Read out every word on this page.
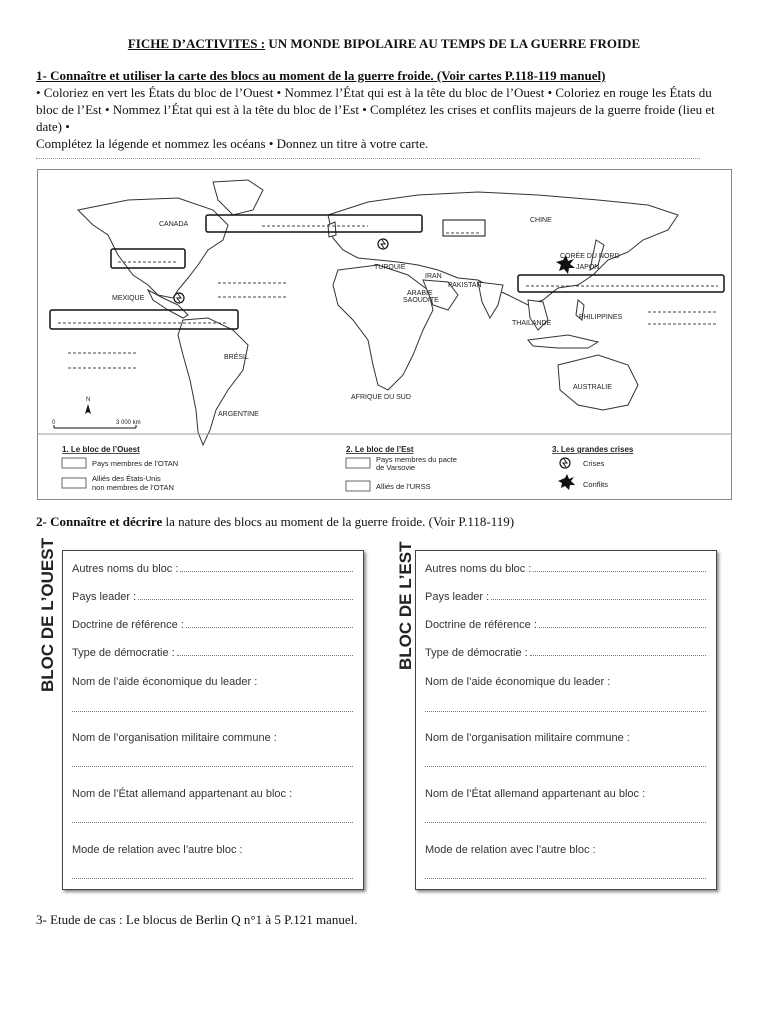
FICHE D’ACTIVITES : UN MONDE BIPOLAIRE AU TEMPS DE LA GUERRE FROIDE
1- Connaître et utiliser la carte des blocs au moment de la guerre froide. (Voir cartes P.118-119 manuel)
• Coloriez en vert les États du bloc de l’Ouest • Nommez l’État qui est à la tête du bloc de l’Ouest • Coloriez en rouge les États du bloc de l’Est • Nommez l’État qui est à la tête du bloc de l’Est • Complétez les crises et conflits majeurs de la guerre froide (lieu et date) •
Complétez la légende et nommez les océans • Donnez un titre à votre carte.
CANADA
CHINE
CORÉE DU NORD
JAPON
TURQUIE
IRAN
PAKISTAN
ARABIE
SAOUDITE
MEXIQUE
THAILANDE
PHILIPPINES
BRÉSIL
AFRIQUE DU SUD
AUSTRALIE
ARGENTINE
N
0	3 000 km
1. Le bloc de l’Ouest
Pays membres de l’OTAN
Alliés des États-Unis
non membres de l’OTAN
2. Le bloc de l’Est
Pays membres du pacte
de Varsovie
Alliés de l’URSS
3. Les grandes crises
Crises
Conflits
2- Connaître et décrire la nature des blocs au moment de la guerre froide. (Voir P.118-119)
BLOC DE L’OUEST	BLOC DE L’EST
Autres noms du bloc :
Pays leader :
Doctrine de référence :
Type de démocratie :
Nom de l’aide économique du leader :
Nom de l’organisation militaire commune :
Nom de l’État allemand appartenant au bloc :
Mode de relation avec l’autre bloc :
Autres noms du bloc :
Pays leader :
Doctrine de référence :
Type de démocratie :
Nom de l’aide économique du leader :
Nom de l’organisation militaire commune :
Nom de l’État allemand appartenant au bloc :
Mode de relation avec l’autre bloc :
3- Etude de cas : Le blocus de Berlin Q n°1 à 5 P.121 manuel.
